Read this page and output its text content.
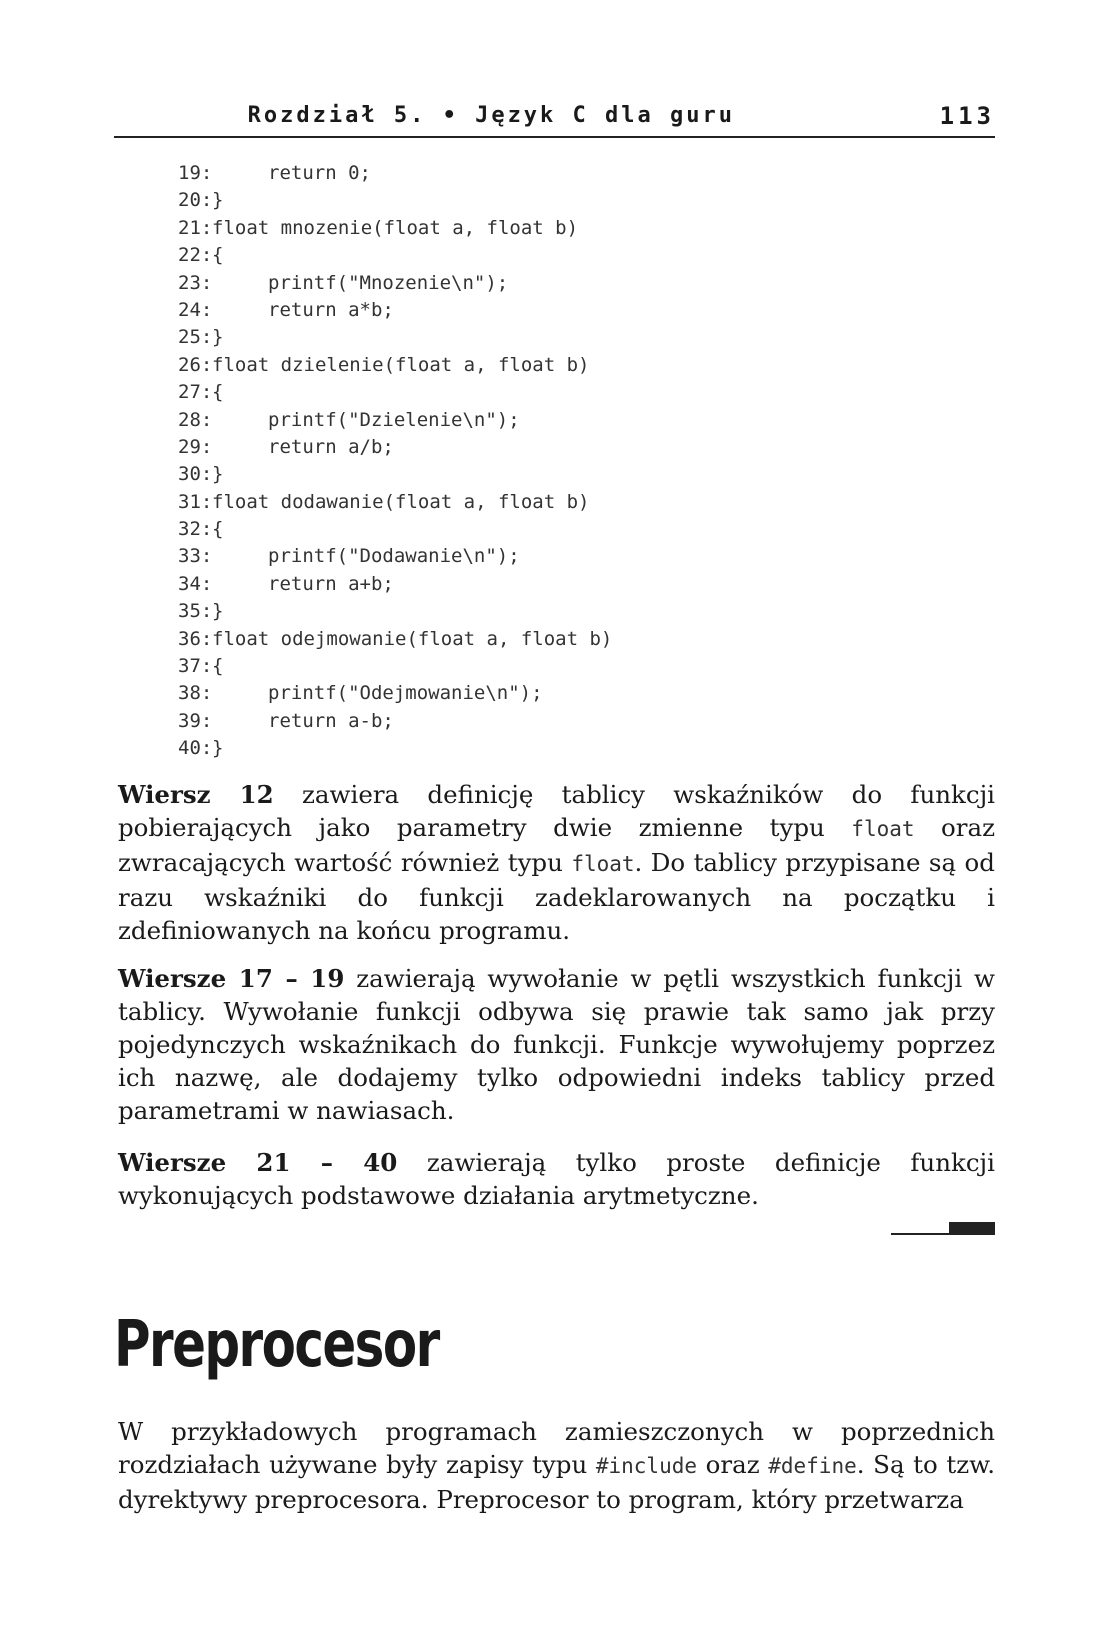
Rozdział 5. • Język C dla guru	113
19:	return 0;
20:}
21:float mnozenie(float a, float b)
22:{
23:	printf("Mnozenie\n");
24:	return a*b;
25:}
26:float dzielenie(float a, float b)
27:{
28:	printf("Dzielenie\n");
29:	return a/b;
30:}
31:float dodawanie(float a, float b)
32:{
33:	printf("Dodawanie\n");
34:	return a+b;
35:}
36:float odejmowanie(float a, float b)
37:{
38:	printf("Odejmowanie\n");
39:	return a-b;
40:}

Wiersz 12 zawiera definicję tablicy wskaźników do funkcji pobierających jako parametry dwie zmienne typu float oraz zwracających wartość również typu float. Do tablicy przypisane są od razu wskaźniki do funkcji zadeklarowanych na początku i zdefiniowanych na końcu programu.

Wiersze 17 – 19 zawierają wywołanie w pętli wszystkich funkcji w tablicy. Wywołanie funkcji odbywa się prawie tak samo jak przy pojedynczych wskaźnikach do funkcji. Funkcje wywołujemy poprzez ich nazwę, ale dodajemy tylko odpowiedni indeks tablicy przed parametrami w nawiasach.

Wiersze 21 – 40 zawierają tylko proste definicje funkcji wykonujących podstawowe działania arytmetyczne.

Preprocesor

W przykładowych programach zamieszczonych w poprzednich rozdziałach używane były zapisy typu #include oraz #define. Są to tzw. dyrektywy preprocesora. Preprocesor to program, który przetwarza
